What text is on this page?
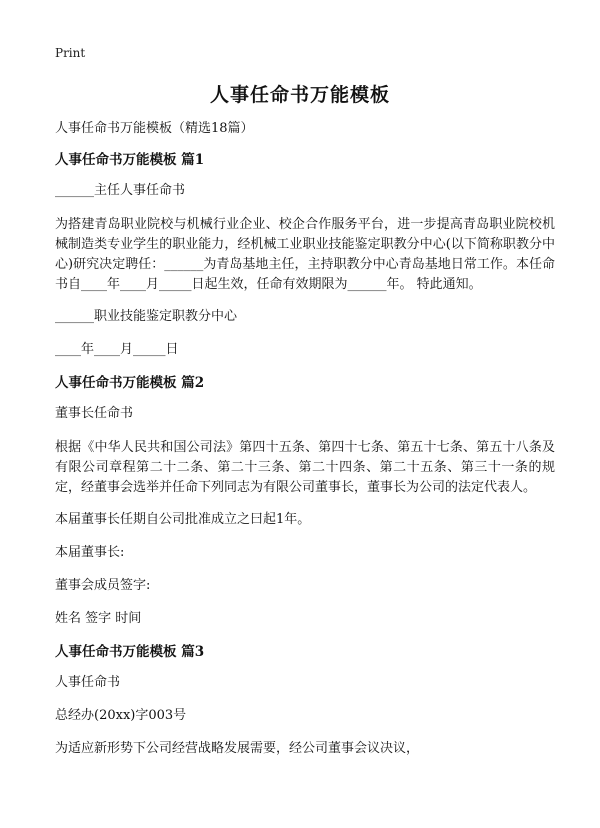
Print
人事任命书万能模板

人事任命书万能模板（精选18篇）

人事任命书万能模板 篇1

______主任人事任命书

为搭建青岛职业院校与机械行业企业、校企合作服务平台，进一步提高青岛职业院校机械制造类专业学生的职业能力，经机械工业职业技能鉴定职教分中心(以下简称职教分中心)研究决定聘任：______为青岛基地主任，主持职教分中心青岛基地日常工作。本任命书自____年____月_____日起生效，任命有效期限为______年。 特此通知。

______职业技能鉴定职教分中心

____年____月_____日

人事任命书万能模板 篇2

董事长任命书

根据《中华人民共和国公司法》第四十五条、第四十七条、第五十七条、第五十八条及有限公司章程第二十二条、第二十三条、第二十四条、第二十五条、第三十一条的规定，经董事会选举并任命下列同志为有限公司董事长，董事长为公司的法定代表人。

本届董事长任期自公司批准成立之曰起1年。

本届董事长:

董事会成员签字:

姓名 签字 时间

人事任命书万能模板 篇3

人事任命书

总经办(20xx)字003号

为适应新形势下公司经营战略发展需要，经公司董事会议决议，
